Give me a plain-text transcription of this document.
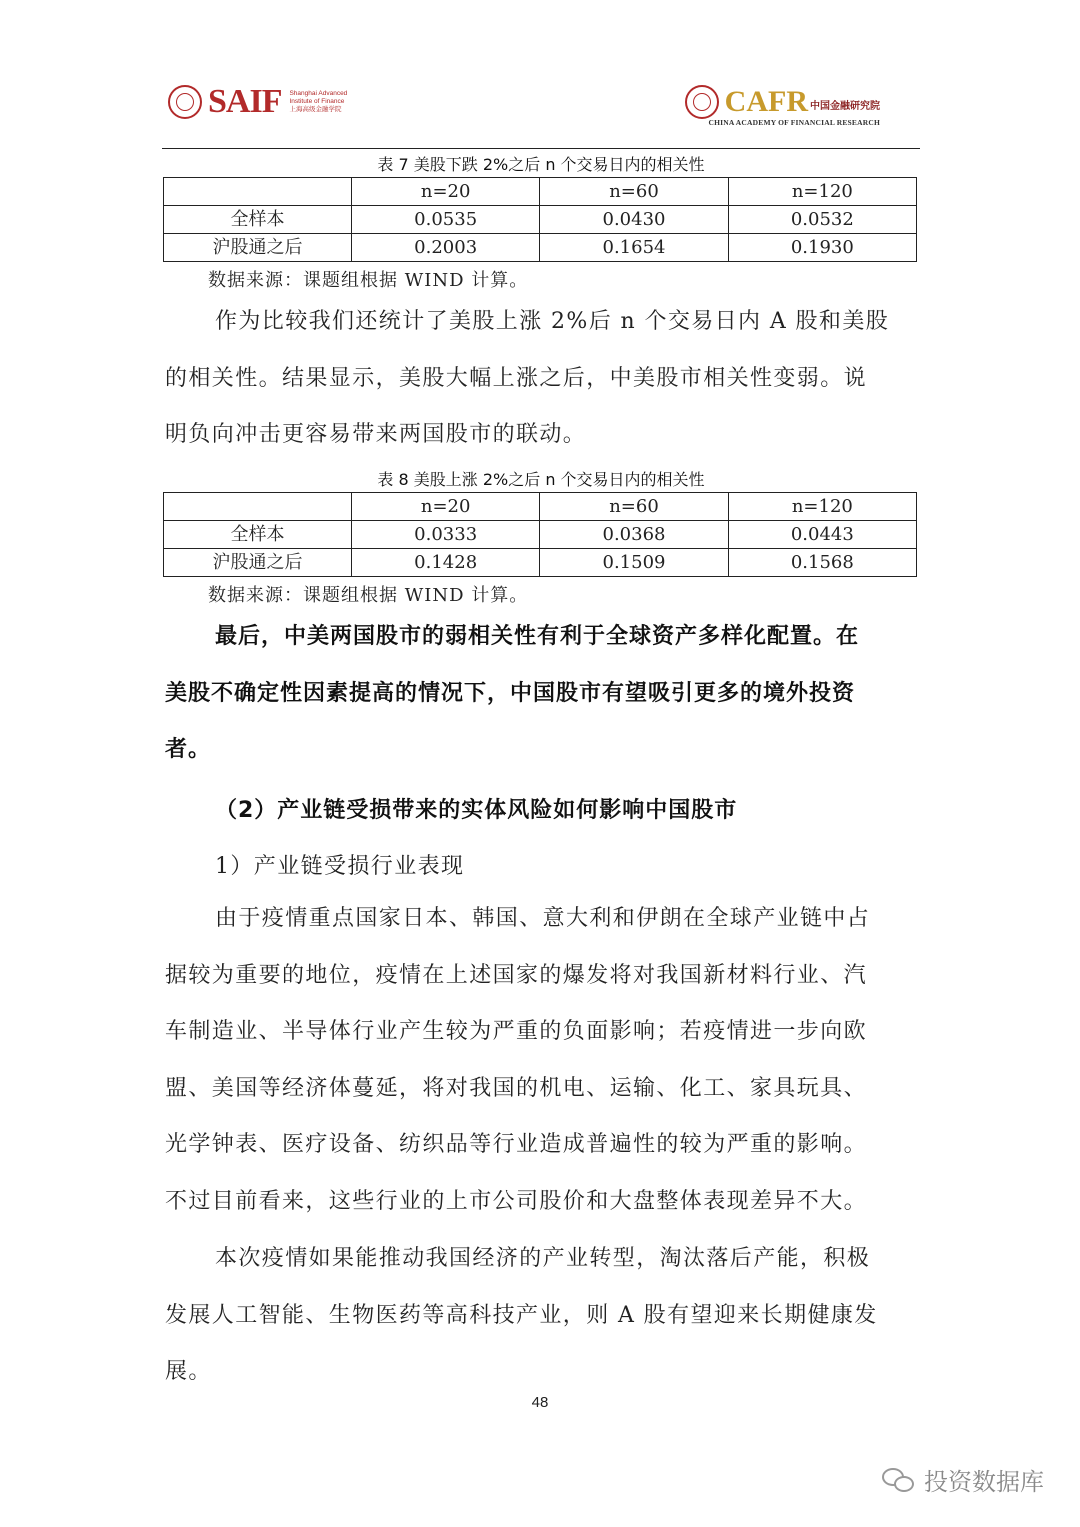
SAIF Shanghai Advanced
Institute of Finance
上海高级金融学院	CAFR 中国金融研究院
CHINA ACADEMY OF FINANCIAL RESEARCH
表 7 美股下跌 2%之后 n 个交易日内的相关性
	n=20	n=60	n=120
全样本	0.0535	0.0430	0.0532
沪股通之后	0.2003	0.1654	0.1930
数据来源：课题组根据 WIND 计算。
作为比较我们还统计了美股上涨 2%后 n 个交易日内 A 股和美股
的相关性。结果显示，美股大幅上涨之后，中美股市相关性变弱。说
明负向冲击更容易带来两国股市的联动。
表 8 美股上涨 2%之后 n 个交易日内的相关性
	n=20	n=60	n=120
全样本	0.0333	0.0368	0.0443
沪股通之后	0.1428	0.1509	0.1568
数据来源：课题组根据 WIND 计算。
最后，中美两国股市的弱相关性有利于全球资产多样化配置。在
美股不确定性因素提高的情况下，中国股市有望吸引更多的境外投资
者。
（2）产业链受损带来的实体风险如何影响中国股市
1）产业链受损行业表现
由于疫情重点国家日本、韩国、意大利和伊朗在全球产业链中占
据较为重要的地位，疫情在上述国家的爆发将对我国新材料行业、汽
车制造业、半导体行业产生较为严重的负面影响；若疫情进一步向欧
盟、美国等经济体蔓延，将对我国的机电、运输、化工、家具玩具、
光学钟表、医疗设备、纺织品等行业造成普遍性的较为严重的影响。
不过目前看来，这些行业的上市公司股价和大盘整体表现差异不大。
本次疫情如果能推动我国经济的产业转型，淘汰落后产能，积极
发展人工智能、生物医药等高科技产业，则 A 股有望迎来长期健康发
展。
48
投资数据库
